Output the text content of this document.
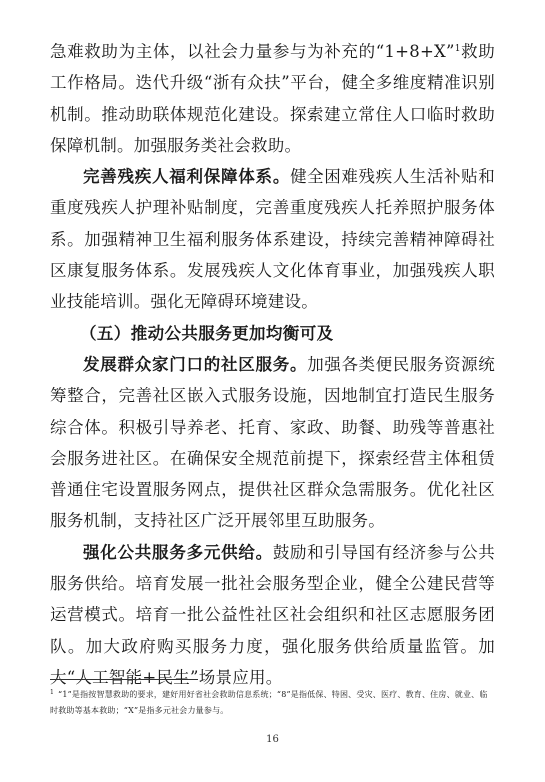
急难救助为主体，以社会力量参与为补充的“1+8+X”$^1$救助工作格局。迭代升级“浙有众扶”平台，健全多维度精准识别机制。推动助联体规范化建设。探索建立常住人口临时救助保障机制。加强服务类社会救助。

完善残疾人福利保障体系。健全困难残疾人生活补贴和重度残疾人护理补贴制度，完善重度残疾人托养照护服务体系。加强精神卫生福利服务体系建设，持续完善精神障碍社区康复服务体系。发展残疾人文化体育事业，加强残疾人职业技能培训。强化无障碍环境建设。

（五）推动公共服务更加均衡可及

发展群众家门口的社区服务。加强各类便民服务资源统筹整合，完善社区嵌入式服务设施，因地制宜打造民生服务综合体。积极引导养老、托育、家政、助餐、助残等普惠社会服务进社区。在确保安全规范前提下，探索经营主体租赁普通住宅设置服务网点，提供社区群众急需服务。优化社区服务机制，支持社区广泛开展邻里互助服务。

强化公共服务多元供给。鼓励和引导国有经济参与公共服务供给。培育发展一批社会服务型企业，健全公建民营等运营模式。培育一批公益性社区社会组织和社区志愿服务团队。加大政府购买服务力度，强化服务供给质量监管。加大“人工智能+民生”场景应用。

$^1$ “1”是指按智慧救助的要求，建好用好省社会救助信息系统；“8”是指低保、特困、受灾、医疗、教育、住房、就业、临时救助等基本救助；“X”是指多元社会力量参与。
16
